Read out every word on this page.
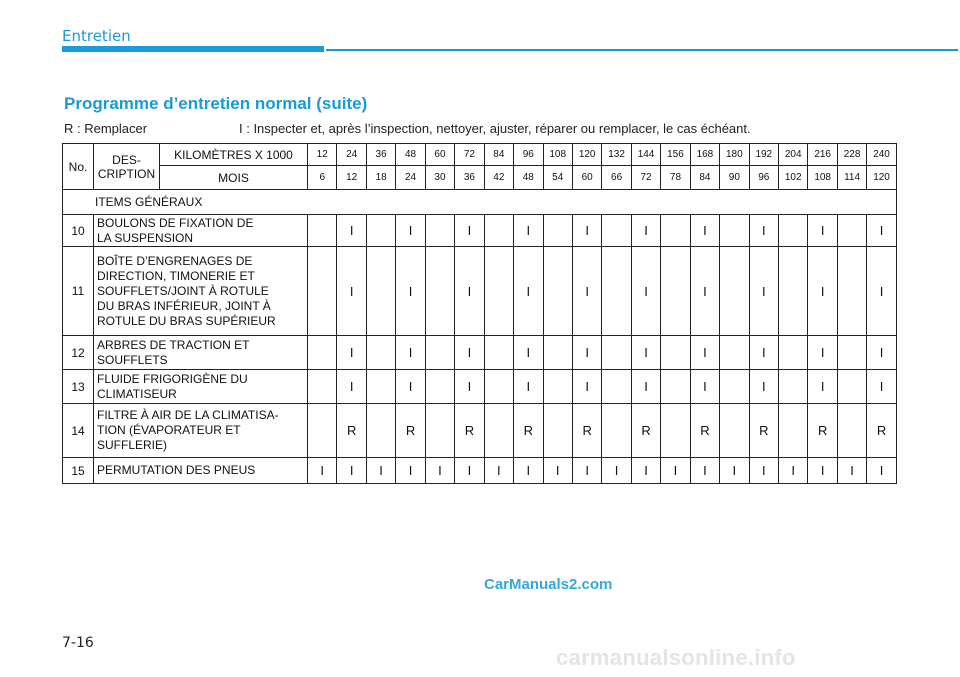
Entretien
Programme d’entretien normal (suite)
R : Remplacer	I : Inspecter et, après l’inspection, nettoyer, ajuster, réparer ou remplacer, le cas échéant.
No.	DES-
CRIPTION	KILOMÈTRES X 1000	12	24	36	48	60	72	84	96	108	120	132	144	156	168	180	192	204	216	228	240
		MOIS	6	12	18	24	30	36	42	48	54	60	66	72	78	84	90	96	102	108	114	120
ITEMS GÉNÉRAUX																						
10	BOULONS DE FIXATION DE
LA SUSPENSION			I		I		I		I		I		I		I		I		I		I
11	BOÎTE D’ENGRENAGES DE
DIRECTION, TIMONERIE ET
SOUFFLETS/JOINT À ROTULE
DU BRAS INFÉRIEUR, JOINT À
ROTULE DU BRAS SUPÉRIEUR			I		I		I		I		I		I		I		I		I		I
12	ARBRES DE TRACTION ET
SOUFFLETS			I		I		I		I		I		I		I		I		I		I
13	FLUIDE FRIGORIGÈNE DU
CLIMATISEUR			I		I		I		I		I		I		I		I		I		I
14	FILTRE À AIR DE LA CLIMATISA-
TION (ÉVAPORATEUR ET
SUFFLERIE)			R		R		R		R		R		R		R		R		R		R
15	PERMUTATION DES PNEUS		I	I	I	I	I	I	I	I	I	I	I	I	I	I	I	I	I	I	I	I
CarManuals2.com
carmanualsonline.info
7-16
